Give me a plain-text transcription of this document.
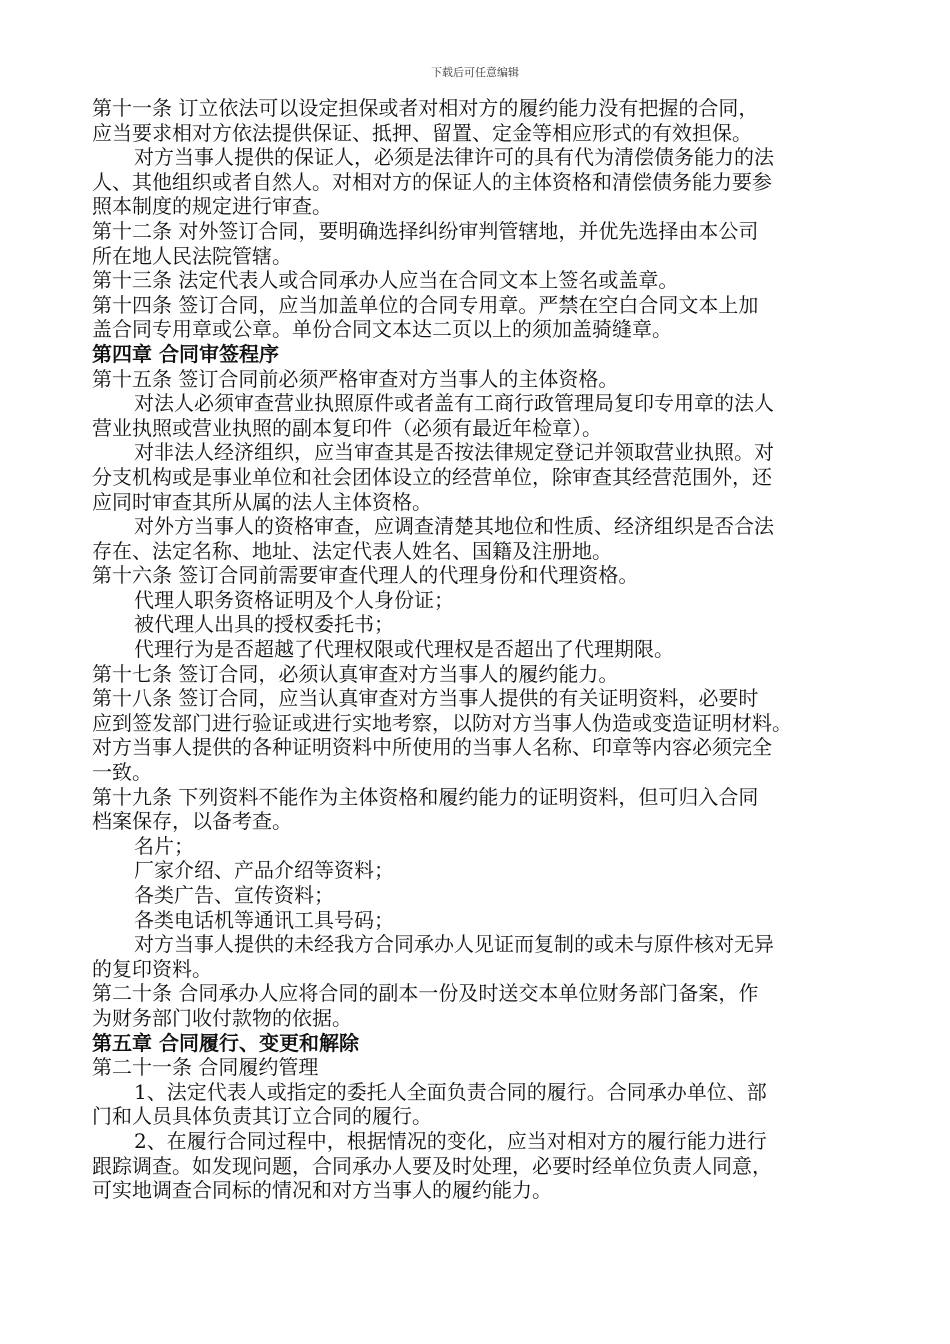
下载后可任意编辑

第十一条 订立依法可以设定担保或者对相对方的履约能力没有把握的合同，

应当要求相对方依法提供保证、抵押、留置、定金等相应形式的有效担保。

对方当事人提供的保证人，必须是法律许可的具有代为清偿债务能力的法

人、其他组织或者自然人。对相对方的保证人的主体资格和清偿债务能力要参

照本制度的规定进行审查。

第十二条 对外签订合同，要明确选择纠纷审判管辖地，并优先选择由本公司

所在地人民法院管辖。

第十三条 法定代表人或合同承办人应当在合同文本上签名或盖章。

第十四条 签订合同，应当加盖单位的合同专用章。严禁在空白合同文本上加

盖合同专用章或公章。单份合同文本达二页以上的须加盖骑缝章。

第四章 合同审签程序

第十五条 签订合同前必须严格审查对方当事人的主体资格。

对法人必须审查营业执照原件或者盖有工商行政管理局复印专用章的法人

营业执照或营业执照的副本复印件（必须有最近年检章）。

对非法人经济组织，应当审查其是否按法律规定登记并领取营业执照。对

分支机构或是事业单位和社会团体设立的经营单位，除审查其经营范围外，还

应同时审查其所从属的法人主体资格。

对外方当事人的资格审查，应调查清楚其地位和性质、经济组织是否合法

存在、法定名称、地址、法定代表人姓名、国籍及注册地。

第十六条 签订合同前需要审查代理人的代理身份和代理资格。

代理人职务资格证明及个人身份证；

被代理人出具的授权委托书；

代理行为是否超越了代理权限或代理权是否超出了代理期限。

第十七条 签订合同，必须认真审查对方当事人的履约能力。

第十八条 签订合同，应当认真审查对方当事人提供的有关证明资料，必要时

应到签发部门进行验证或进行实地考察，以防对方当事人伪造或变造证明材料。

对方当事人提供的各种证明资料中所使用的当事人名称、印章等内容必须完全

一致。

第十九条 下列资料不能作为主体资格和履约能力的证明资料，但可归入合同

档案保存，以备考查。

名片；

厂家介绍、产品介绍等资料；

各类广告、宣传资料；

各类电话机等通讯工具号码；

对方当事人提供的未经我方合同承办人见证而复制的或未与原件核对无异

的复印资料。

第二十条 合同承办人应将合同的副本一份及时送交本单位财务部门备案，作

为财务部门收付款物的依据。

第五章 合同履行、变更和解除

第二十一条 合同履约管理

1、法定代表人或指定的委托人全面负责合同的履行。合同承办单位、部

门和人员具体负责其订立合同的履行。

2、在履行合同过程中，根据情况的变化，应当对相对方的履行能力进行

跟踪调查。如发现问题，合同承办人要及时处理，必要时经单位负责人同意，

可实地调查合同标的情况和对方当事人的履约能力。
